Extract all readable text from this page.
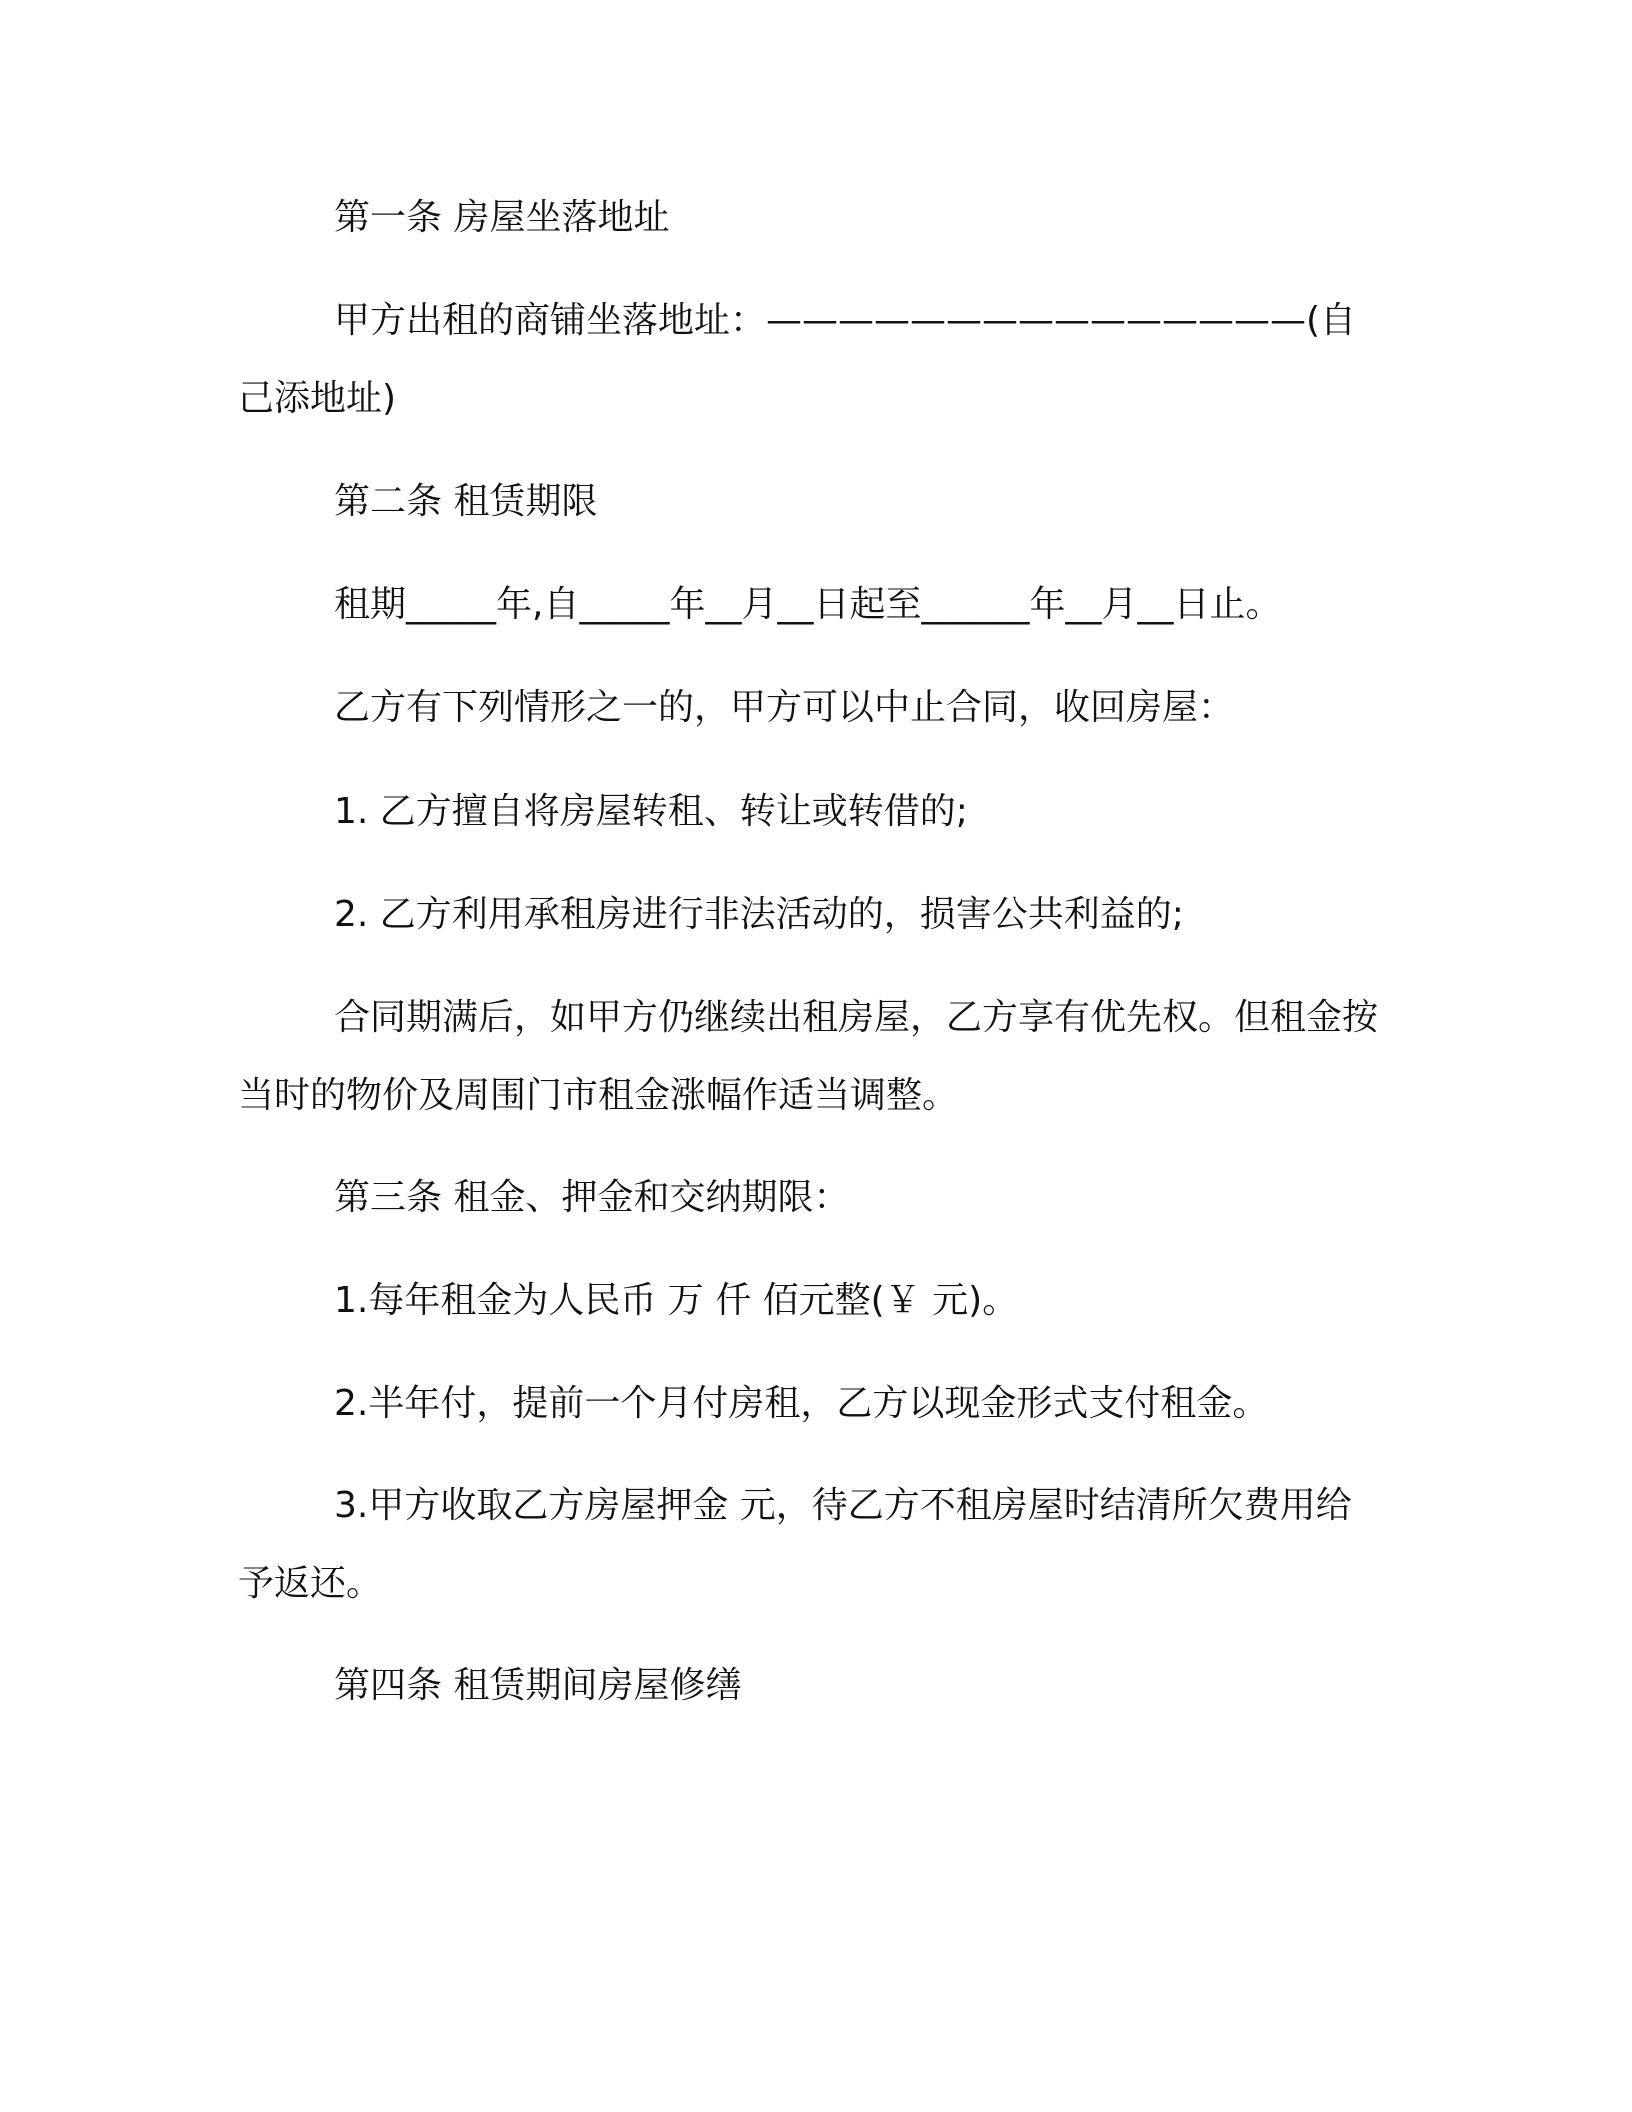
第一条 房屋坐落地址
甲方出租的商铺坐落地址：———————————————(自己添地址)
第二条 租赁期限
租期_____年,自_____年__月__日起至______年__月__日止。
乙方有下列情形之一的，甲方可以中止合同，收回房屋：
1. 乙方擅自将房屋转租、转让或转借的;
2. 乙方利用承租房进行非法活动的，损害公共利益的;
合同期满后，如甲方仍继续出租房屋，乙方享有优先权。但租金按当时的物价及周围门市租金涨幅作适当调整。
第三条 租金、押金和交纳期限：
1.每年租金为人民币 万 仟 佰元整(￥ 元)。
2.半年付，提前一个月付房租，乙方以现金形式支付租金。
3.甲方收取乙方房屋押金 元，待乙方不租房屋时结清所欠费用给予返还。
第四条 租赁期间房屋修缮
